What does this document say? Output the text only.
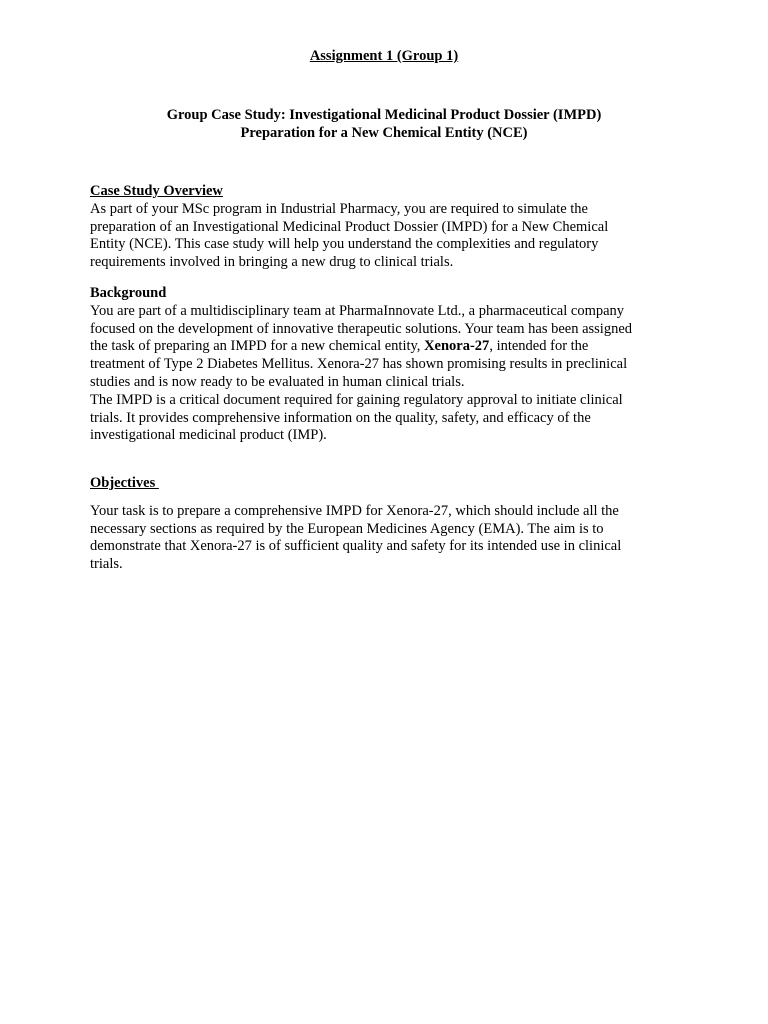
Assignment 1 (Group 1)
Group Case Study: Investigational Medicinal Product Dossier (IMPD)
Preparation for a New Chemical Entity (NCE)
Case Study Overview

As part of your MSc program in Industrial Pharmacy, you are required to simulate the preparation of an Investigational Medicinal Product Dossier (IMPD) for a New Chemical Entity (NCE). This case study will help you understand the complexities and regulatory requirements involved in bringing a new drug to clinical trials.

Background

You are part of a multidisciplinary team at PharmaInnovate Ltd., a pharmaceutical company focused on the development of innovative therapeutic solutions. Your team has been assigned the task of preparing an IMPD for a new chemical entity, Xenora-27, intended for the treatment of Type 2 Diabetes Mellitus. Xenora-27 has shown promising results in preclinical studies and is now ready to be evaluated in human clinical trials.

The IMPD is a critical document required for gaining regulatory approval to initiate clinical trials. It provides comprehensive information on the quality, safety, and efficacy of the investigational medicinal product (IMP).

Objectives

Your task is to prepare a comprehensive IMPD for Xenora-27, which should include all the necessary sections as required by the European Medicines Agency (EMA). The aim is to demonstrate that Xenora-27 is of sufficient quality and safety for its intended use in clinical trials.
